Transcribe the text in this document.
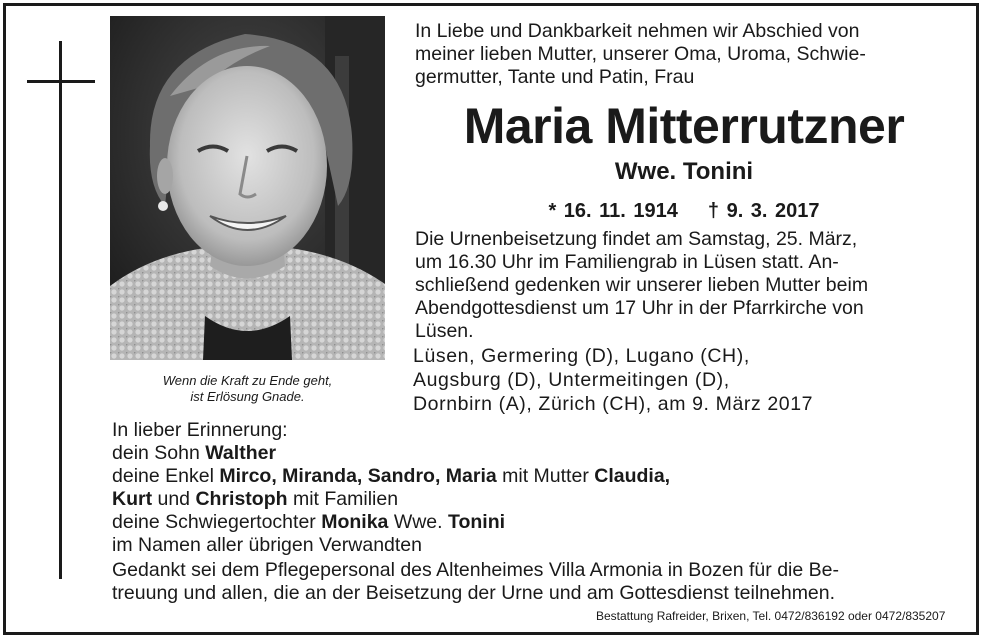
Wenn die Kraft zu Ende geht,
ist Erlösung Gnade.
In Liebe und Dankbarkeit nehmen wir Abschied von
meiner lieben Mutter, unserer Oma, Uroma, Schwie-
germutter, Tante und Patin, Frau
Maria Mitterrutzner
Wwe. Tonini
* 16. 11. 1914 † 9. 3. 2017
Die Urnenbeisetzung findet am Samstag, 25. März,
um 16.30 Uhr im Familiengrab in Lüsen statt. An-
schließend gedenken wir unserer lieben Mutter beim
Abendgottesdienst um 17 Uhr in der Pfarrkirche von
Lüsen.
Lüsen, Germering (D), Lugano (CH),
Augsburg (D), Untermeitingen (D),
Dornbirn (A), Zürich (CH), am 9. März 2017
In lieber Erinnerung:
dein Sohn Walther
deine Enkel Mirco, Miranda, Sandro, Maria mit Mutter Claudia,
Kurt und Christoph mit Familien
deine Schwiegertochter Monika Wwe. Tonini
im Namen aller übrigen Verwandten
Gedankt sei dem Pflegepersonal des Altenheimes Villa Armonia in Bozen für die Be-
treuung und allen, die an der Beisetzung der Urne und am Gottesdienst teilnehmen.
Bestattung Rafreider, Brixen, Tel. 0472/836192 oder 0472/835207
